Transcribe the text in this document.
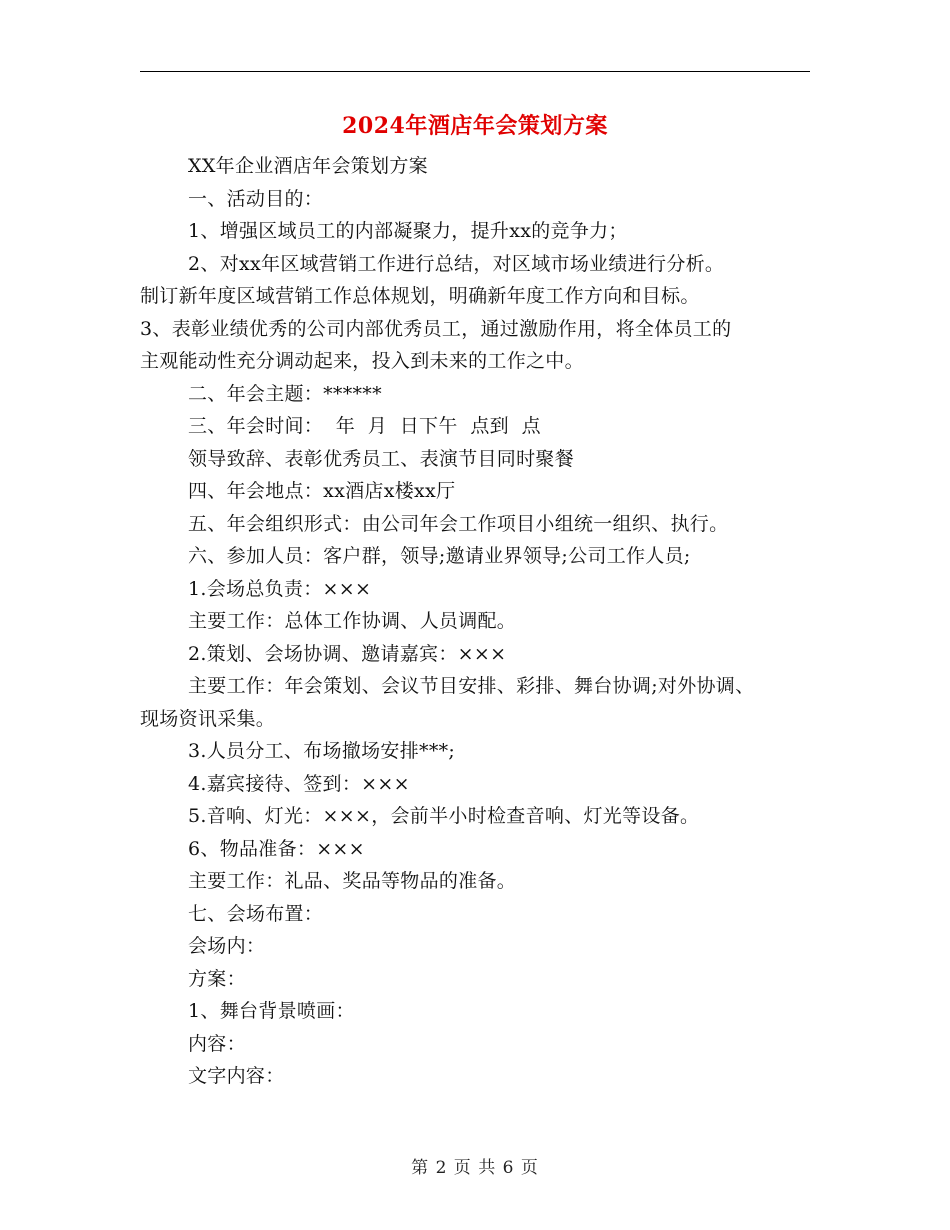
2024年酒店年会策划方案
XX年企业酒店年会策划方案
一、活动目的：
1、增强区域员工的内部凝聚力，提升xx的竞争力；
2、对xx年区域营销工作进行总结，对区域市场业绩进行分析。
制订新年度区域营销工作总体规划，明确新年度工作方向和目标。
3、表彰业绩优秀的公司内部优秀员工，通过激励作用，将全体员工的
主观能动性充分调动起来，投入到未来的工作之中。
二、年会主题：******
三、年会时间：  年  月  日下午  点到  点
领导致辞、表彰优秀员工、表演节目同时聚餐
四、年会地点：xx酒店x楼xx厅
五、年会组织形式：由公司年会工作项目小组统一组织、执行。
六、参加人员：客户群，领导;邀请业界领导;公司工作人员;
1.会场总负责：×××
主要工作：总体工作协调、人员调配。
2.策划、会场协调、邀请嘉宾：×××
主要工作：年会策划、会议节目安排、彩排、舞台协调;对外协调、
现场资讯采集。
3.人员分工、布场撤场安排***;
4.嘉宾接待、签到：×××
5.音响、灯光：×××，会前半小时检查音响、灯光等设备。
6、物品准备：×××
主要工作：礼品、奖品等物品的准备。
七、会场布置：
会场内：
方案：
1、舞台背景喷画：
内容：
文字内容：
第 2 页 共 6 页
